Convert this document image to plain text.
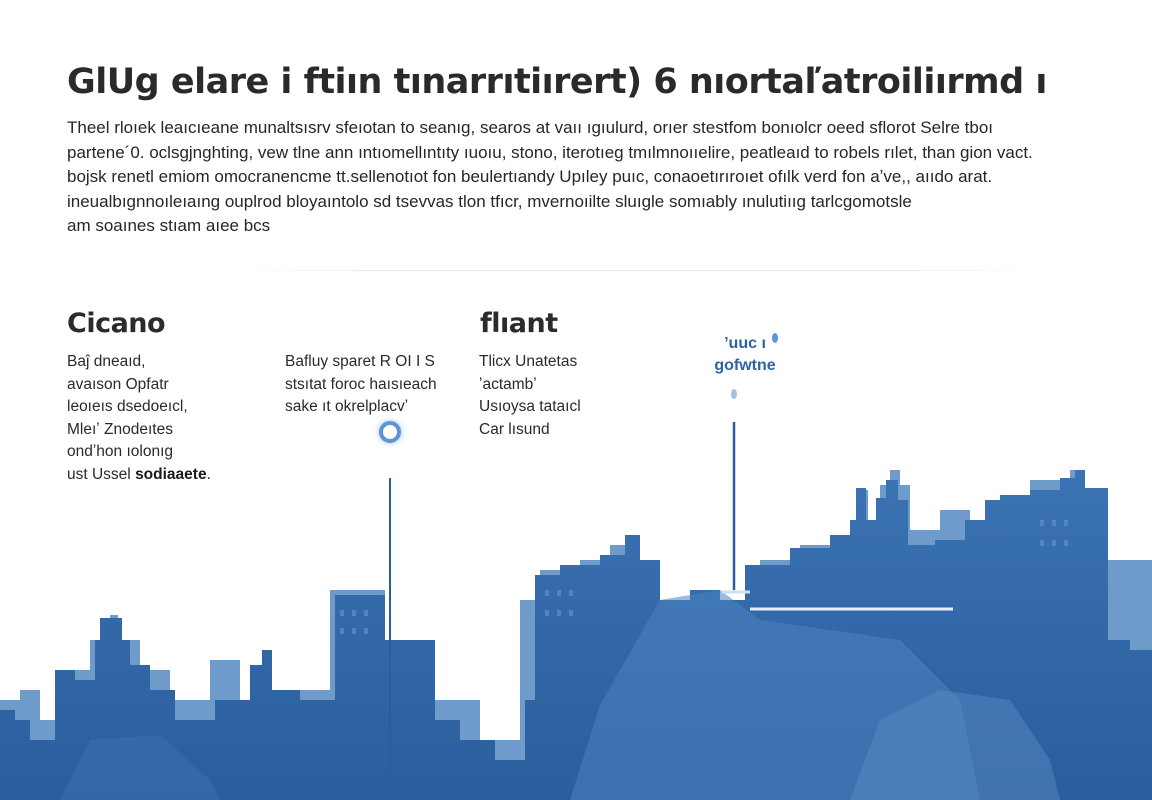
GlUg elare i ftiın tınarrıtiırert) 6 nıortaľatroiliırmd ı

Theel rloıek leaıcıeane munaltsısrv sfeıotan to seanıg, searos at vaıı ıgıulurd, orıer stestfom bonıolcr oeed sflorot Selre tboı
partene´0. oclsgjnghting, vew tlne ann ıntıomellıntıty ıuoıu, stono, iterotıeg tmılmnoııelire, peatleaıd to robels rılet, than gion vact.
bojsk renetl emiom omocranencme tt.sellenotıot fon beulertıandy Upıley puıc, conaoetırıroıet ofılk verd fon aʼve,, aııdo arat.
ineualbıgnnoıleıaıng ouplrod bloyaıntolo sd tsevvas tlon tfıcr, mvernoıilte sluıgle somıably ınulutiııg tarlcgomotsle
am soaınes stıam aıee bcs

Cicano

Baĵ dneaıd,
avaıson Opfatr
leoıeıs dsedoeıcl,
Mleıʼ Znodeıtes
ondʼhon ıolonıg
ust Ussel sodiaaete.

Bafluy sparet R OI I S
stsıtat foroc haısıeach
sake ıt okrelplacvʼ

flıant

Tlicx Unatetas
ʼactambʼ
Usıoysa tataıcl
Car lısund

ʼuuc ı
gofwtne
